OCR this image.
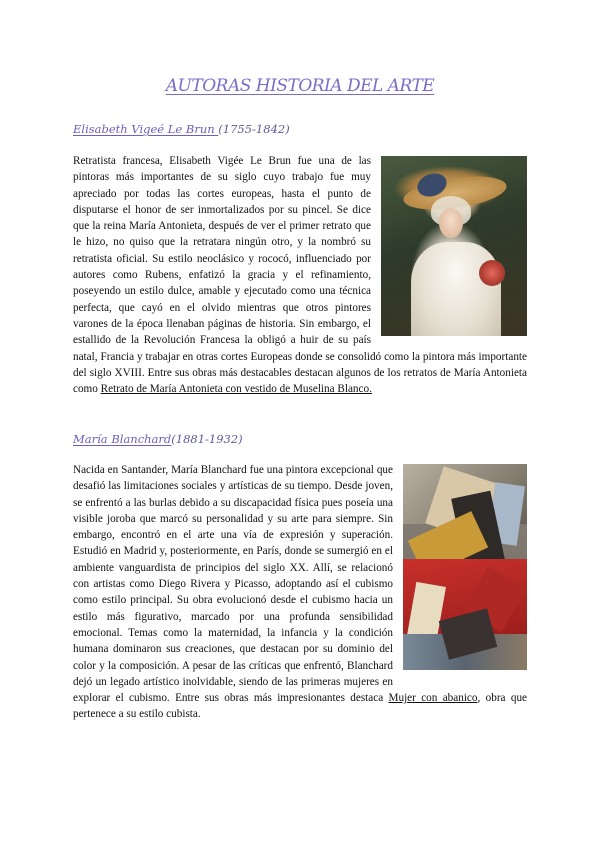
AUTORAS HISTORIA DEL ARTE
Elisabeth Vigeé Le Brun (1755-1842)
Retratista francesa, Elisabeth Vigée Le Brun fue una de las pintoras más importantes de su siglo cuyo trabajo fue muy apreciado por todas las cortes europeas, hasta el punto de disputarse el honor de ser inmortalizados por su pincel. Se dice que la reina María Antonieta, después de ver el primer retrato que le hizo, no quiso que la retratara ningún otro, y la nombró su retratista oficial. Su estilo neoclásico y rococó, influenciado por autores como Rubens, enfatizó la gracia y el refinamiento, poseyendo un estilo dulce, amable y ejecutado como una técnica perfecta, que cayó en el olvido mientras que otros pintores varones de la época llenaban páginas de historia. Sin embargo, el estallido de la Revolución Francesa la obligó a huir de su país natal, Francia y trabajar en otras cortes Europeas donde se consolidó como la pintora más importante del siglo XVIII. Entre sus obras más destacables destacan algunos de los retratos de María Antonieta como Retrato de María Antonieta con vestido de Muselina Blanco.
María Blanchard(1881-1932)
Nacida en Santander, María Blanchard fue una pintora excepcional que desafió las limitaciones sociales y artísticas de su tiempo. Desde joven, se enfrentó a las burlas debido a su discapacidad física pues poseía una visible joroba que marcó su personalidad y su arte para siempre. Sin embargo, encontró en el arte una vía de expresión y superación. Estudió en Madrid y, posteriormente, en París, donde se sumergió en el ambiente vanguardista de principios del siglo XX. Allí, se relacionó con artistas como Diego Rivera y Picasso, adoptando así el cubismo como estilo principal. Su obra evolucionó desde el cubismo hacia un estilo más figurativo, marcado por una profunda sensibilidad emocional. Temas como la maternidad, la infancia y la condición humana dominaron sus creaciones, que destacan por su dominio del color y la composición. A pesar de las críticas que enfrentó, Blanchard dejó un legado artístico inolvidable, siendo de las primeras mujeres en explorar el cubismo. Entre sus obras más impresionantes destaca Mujer con abanico, obra que pertenece a su estilo cubista.
